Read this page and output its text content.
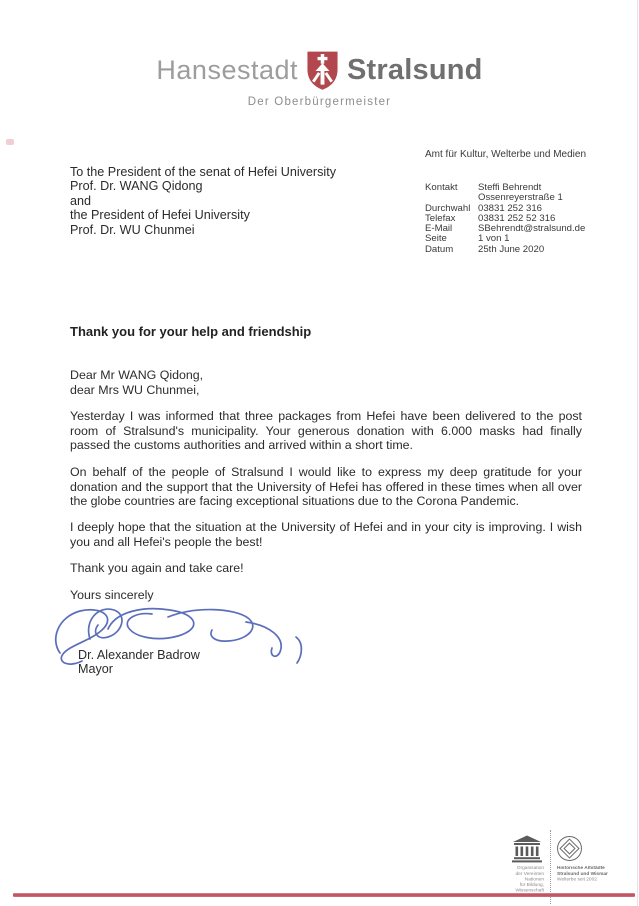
Hansestadt Stralsund
Der Oberbürgermeister
Amt für Kultur, Welterbe und Medien
Kontakt	Steffi Behrendt
Ossenreyerstraße 1
Durchwahl 03831 252 316
Telefax	03831 252 52 316
E-Mail	SBehrendt@stralsund.de
Seite	1 von 1
Datum	25th June 2020
To the President of the senat of Hefei University
Prof. Dr. WANG Qidong
and
the President of Hefei University
Prof. Dr. WU Chunmei
Thank you for your help and friendship
Dear Mr WANG Qidong,
dear Mrs WU Chunmei,

Yesterday I was informed that three packages from Hefei have been delivered to the post room of Stralsund's municipality. Your generous donation with 6.000 masks had finally passed the customs authorities and arrived within a short time.

On behalf of the people of Stralsund I would like to express my deep gratitude for your donation and the support that the University of Hefei has offered in these times when all over the globe countries are facing exceptional situations due to the Corona Pandemic.

I deeply hope that the situation at the University of Hefei and in your city is improving. I wish you and all Hefei's people the best!

Thank you again and take care!
Yours sincerely
Dr. Alexander Badrow
Mayor
Organisation
der Vereinten Nationen
für Bildung, Wissenschaft
Historische Altstädte
Stralsund und Wismar
Welterbe seit 2002
